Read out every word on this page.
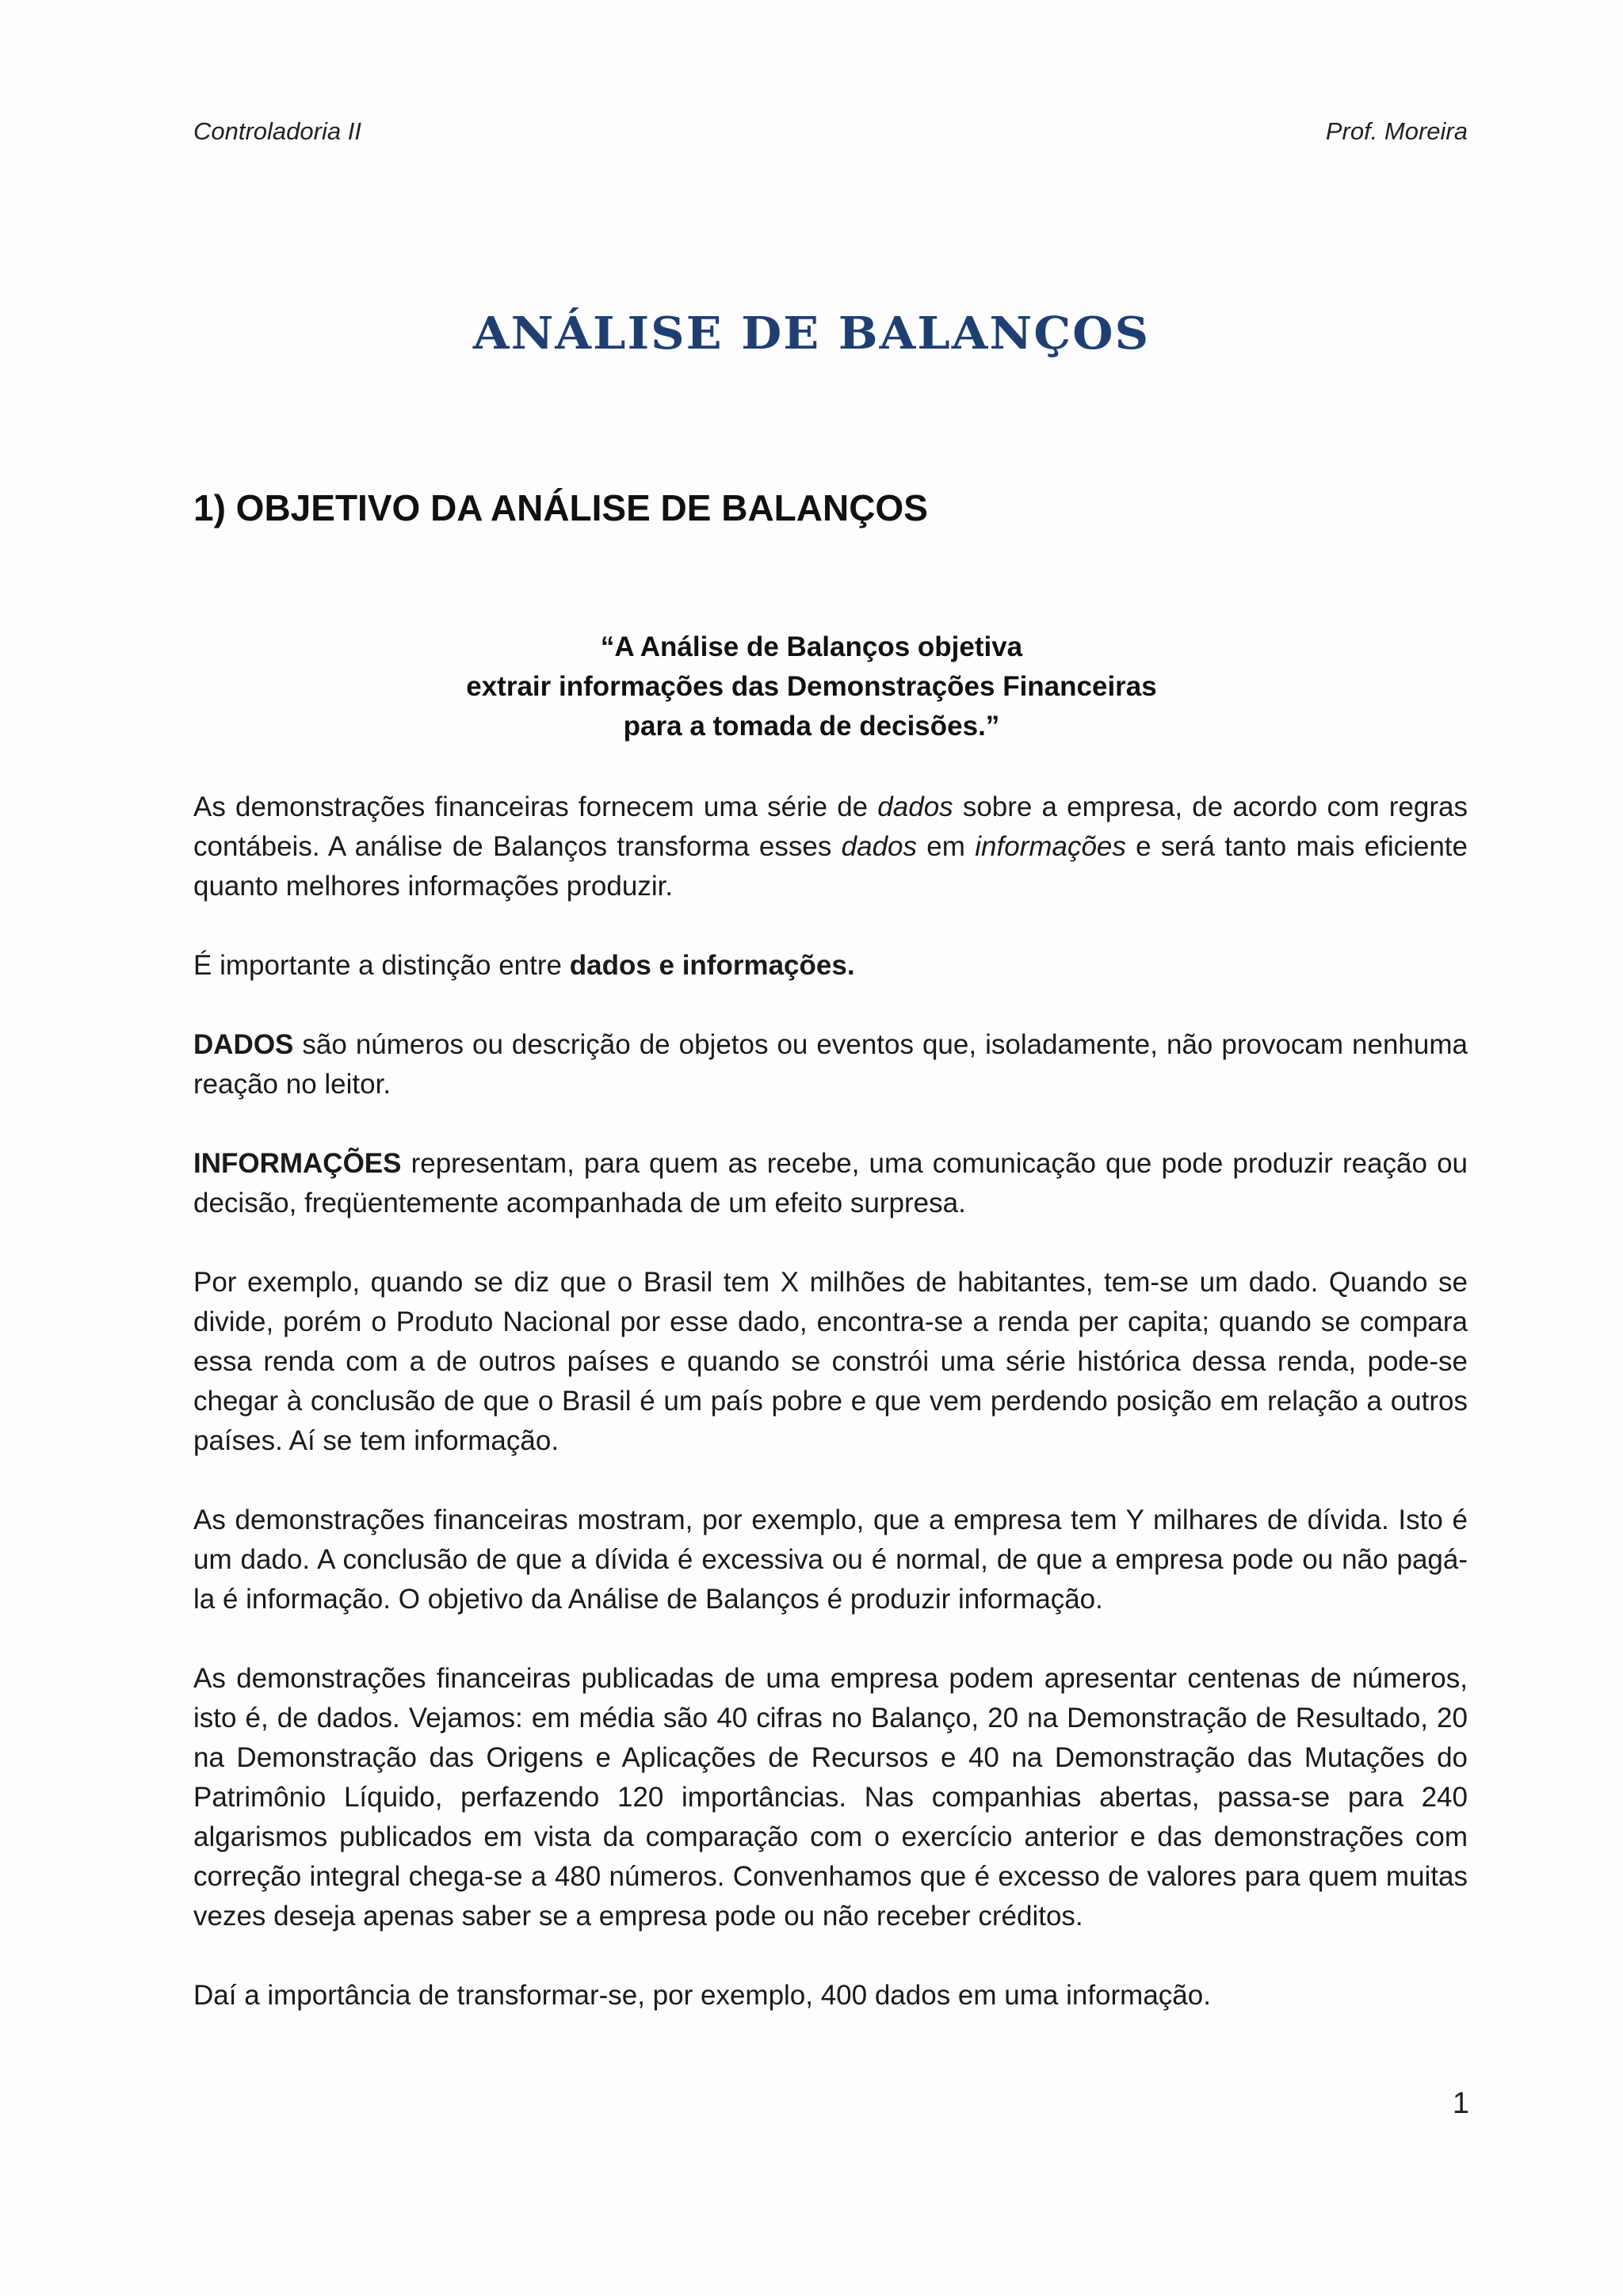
Controladoria II	Prof. Moreira
ANÁLISE DE BALANÇOS
1) OBJETIVO DA ANÁLISE DE BALANÇOS
“A Análise de Balanços objetiva
extrair informações das Demonstrações Financeiras
para a tomada de decisões.”

As demonstrações financeiras fornecem uma série de dados sobre a empresa, de acordo com regras contábeis. A análise de Balanços transforma esses dados em informações e será tanto mais eficiente quanto melhores informações produzir.

É importante a distinção entre dados e informações.

DADOS são números ou descrição de objetos ou eventos que, isoladamente, não provocam nenhuma reação no leitor.

INFORMAÇÕES representam, para quem as recebe, uma comunicação que pode produzir reação ou decisão, freqüentemente acompanhada de um efeito surpresa.

Por exemplo, quando se diz que o Brasil tem X milhões de habitantes, tem-se um dado. Quando se divide, porém o Produto Nacional por esse dado, encontra-se a renda per capita; quando se compara essa renda com a de outros países e quando se constrói uma série histórica dessa renda, pode-se chegar à conclusão de que o Brasil é um país pobre e que vem perdendo posição em relação a outros países. Aí se tem informação.

As demonstrações financeiras mostram, por exemplo, que a empresa tem Y milhares de dívida. Isto é um dado. A conclusão de que a dívida é excessiva ou é normal, de que a empresa pode ou não pagá-la é informação. O objetivo da Análise de Balanços é produzir informação.

As demonstrações financeiras publicadas de uma empresa podem apresentar centenas de números, isto é, de dados. Vejamos: em média são 40 cifras no Balanço, 20 na Demonstração de Resultado, 20 na Demonstração das Origens e Aplicações de Recursos e 40 na Demonstração das Mutações do Patrimônio Líquido, perfazendo 120 importâncias. Nas companhias abertas, passa-se para 240 algarismos publicados em vista da comparação com o exercício anterior e das demonstrações com correção integral chega-se a 480 números. Convenhamos que é excesso de valores para quem muitas vezes deseja apenas saber se a empresa pode ou não receber créditos.

Daí a importância de transformar-se, por exemplo, 400 dados em uma informação.

1
